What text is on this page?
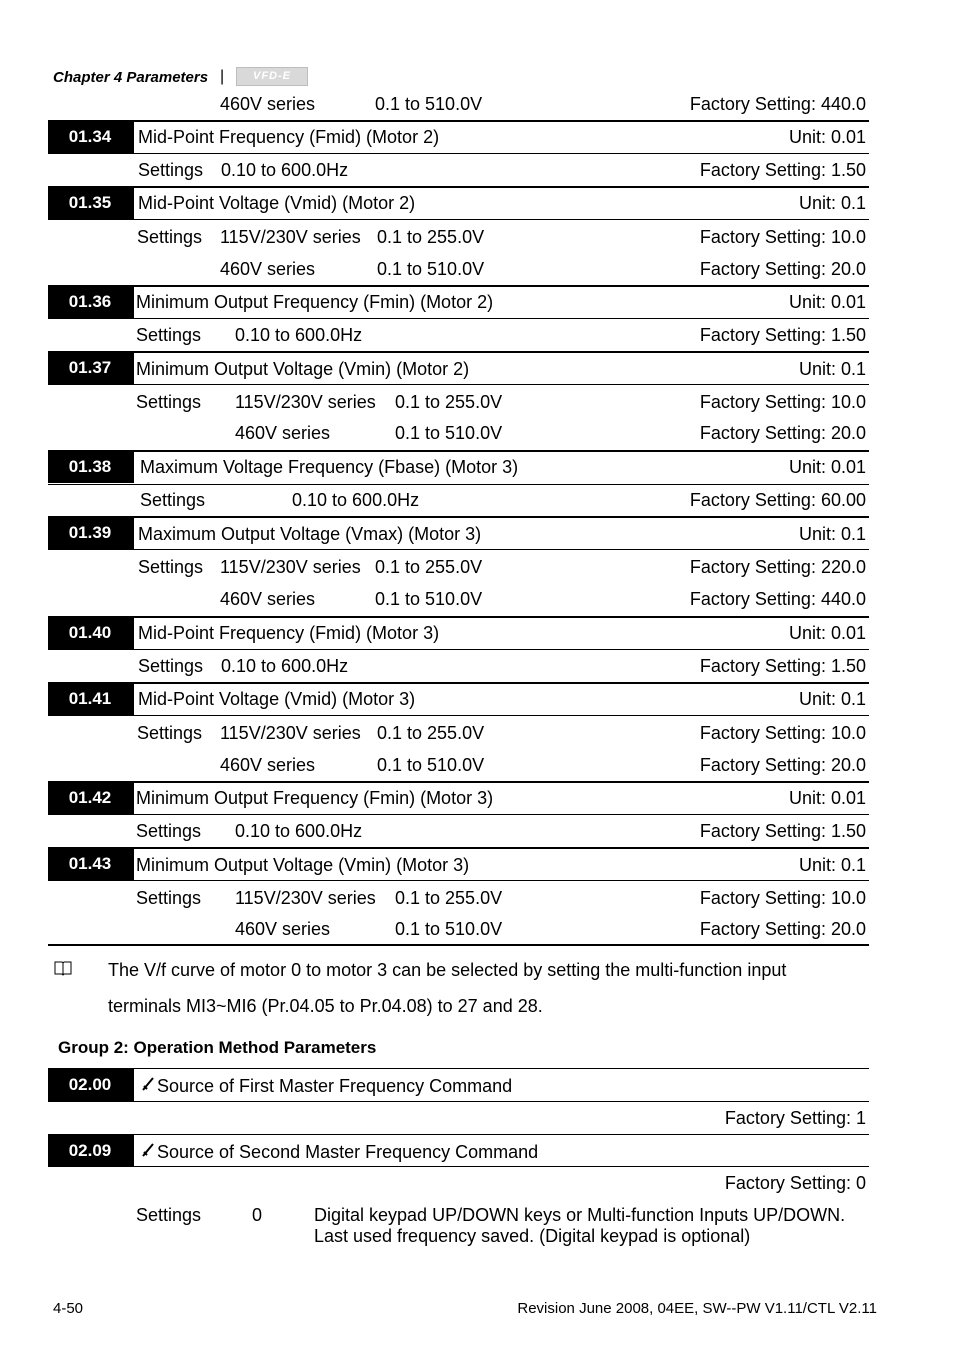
Chapter 4 Parameters |	VFD-E
460V series	0.1 to 510.0V	Factory Setting: 440.0
01.34	Mid-Point Frequency (Fmid) (Motor 2)	Unit: 0.01
Settings 0.10 to 600.0Hz	Factory Setting: 1.50
01.35	Mid-Point Voltage (Vmid) (Motor 2)	Unit: 0.1
Settings 115V/230V series 0.1 to 255.0V	Factory Setting: 10.0
460V series	0.1 to 510.0V	Factory Setting: 20.0
01.36	Minimum Output Frequency (Fmin) (Motor 2)	Unit: 0.01
Settings 0.10 to 600.0Hz	Factory Setting: 1.50
01.37	Minimum Output Voltage (Vmin) (Motor 2)	Unit: 0.1
Settings 115V/230V series 0.1 to 255.0V	Factory Setting: 10.0
460V series	0.1 to 510.0V	Factory Setting: 20.0
01.38	Maximum Voltage Frequency (Fbase) (Motor 3)	Unit: 0.01
Settings	0.10 to 600.0Hz	Factory Setting: 60.00
01.39	Maximum Output Voltage (Vmax) (Motor 3)	Unit: 0.1
Settings 115V/230V series 0.1 to 255.0V	Factory Setting: 220.0
460V series	0.1 to 510.0V	Factory Setting: 440.0
01.40	Mid-Point Frequency (Fmid) (Motor 3)	Unit: 0.01
Settings 0.10 to 600.0Hz	Factory Setting: 1.50
01.41	Mid-Point Voltage (Vmid) (Motor 3)	Unit: 0.1
Settings 115V/230V series 0.1 to 255.0V	Factory Setting: 10.0
460V series	0.1 to 510.0V	Factory Setting: 20.0
01.42	Minimum Output Frequency (Fmin) (Motor 3)	Unit: 0.01
Settings 0.10 to 600.0Hz	Factory Setting: 1.50
01.43	Minimum Output Voltage (Vmin) (Motor 3)	Unit: 0.1
Settings 115V/230V series 0.1 to 255.0V	Factory Setting: 10.0
460V series	0.1 to 510.0V	Factory Setting: 20.0
The V/f curve of motor 0 to motor 3 can be selected by setting the multi-function input
terminals MI3~MI6 (Pr.04.05 to Pr.04.08) to 27 and 28.
Group 2: Operation Method Parameters
02.00	Source of First Master Frequency Command
Factory Setting: 1
02.09	Source of Second Master Frequency Command
Factory Setting: 0
Settings	0	Digital keypad UP/DOWN keys or Multi-function Inputs UP/DOWN.
Last used frequency saved. (Digital keypad is optional)
4-50	Revision June 2008, 04EE, SW--PW V1.11/CTL V2.11
